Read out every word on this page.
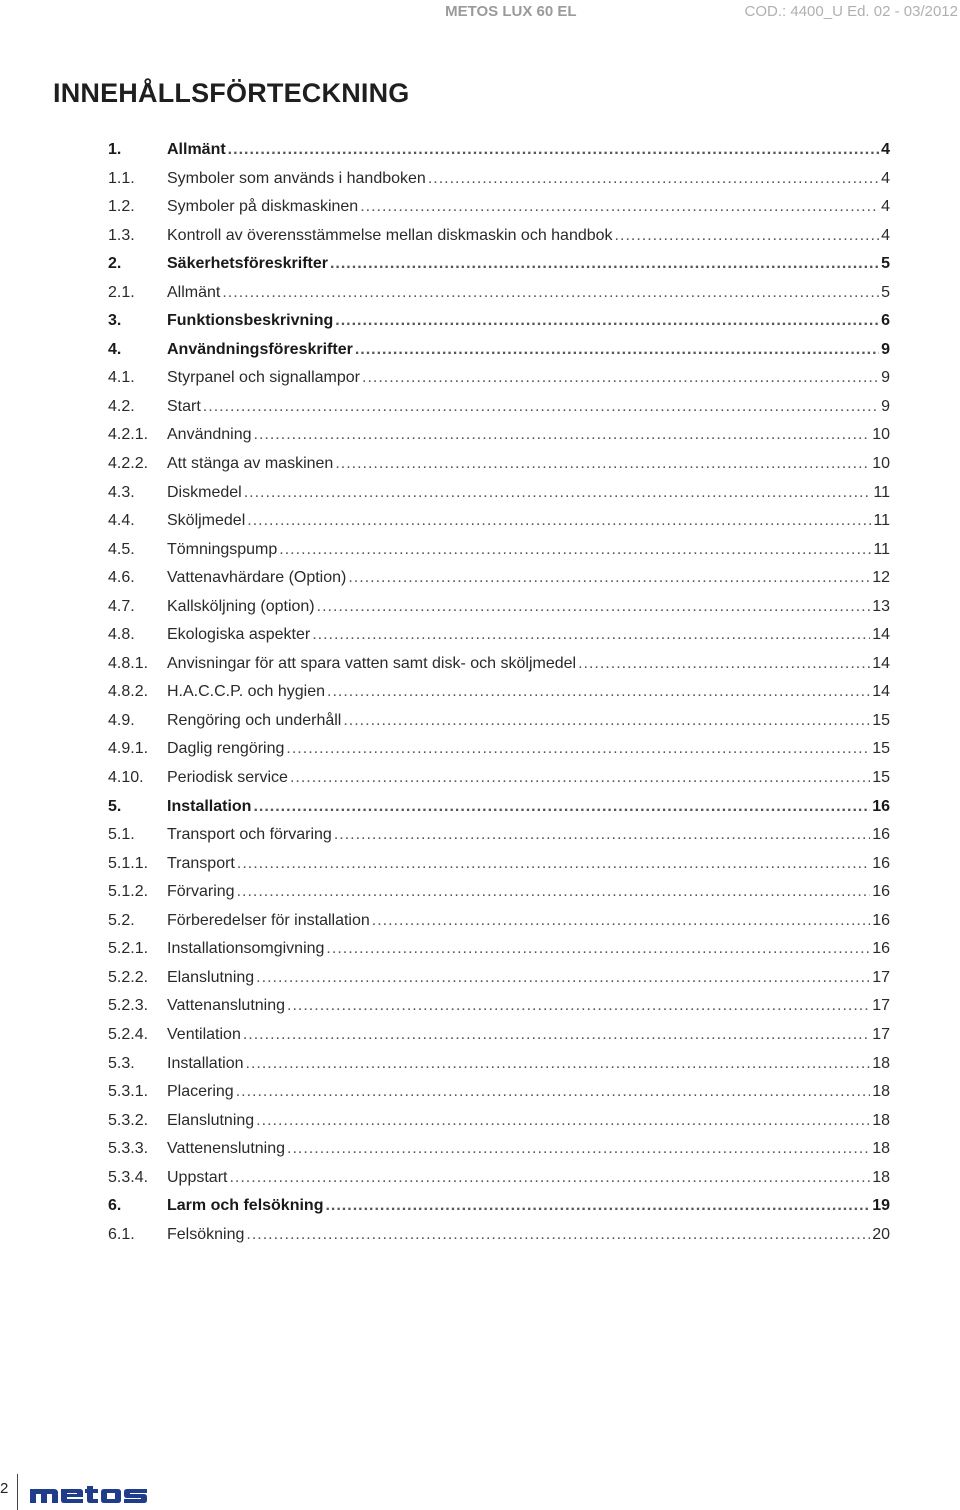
METOS LUX 60 EL	COD.: 4400_U Ed. 02 - 03/2012
INNEHÅLLSFÖRTECKNING
1.	Allmänt .....	4
1.1.	Symboler som används i handboken .....	4
1.2.	Symboler på diskmaskinen .....	4
1.3.	Kontroll av överensstämmelse mellan diskmaskin och handbok .....	4
2.	Säkerhetsföreskrifter .....	5
2.1.	Allmänt .....	5
3.	Funktionsbeskrivning .....	6
4.	Användningsföreskrifter .....	9
4.1.	Styrpanel och signallampor .....	9
4.2.	Start .....	9
4.2.1.	Användning .....	10
4.2.2.	Att stänga av maskinen .....	10
4.3.	Diskmedel .....	11
4.4.	Sköljmedel .....	11
4.5.	Tömningspump .....	11
4.6.	Vattenavhärdare (Option) .....	12
4.7.	Kallsköljning (option) .....	13
4.8.	Ekologiska aspekter .....	14
4.8.1.	Anvisningar för att spara vatten samt disk- och sköljmedel .....	14
4.8.2.	H.A.C.C.P. och hygien .....	14
4.9.	Rengöring och underhåll .....	15
4.9.1.	Daglig rengöring .....	15
4.10.	Periodisk service .....	15
5.	Installation .....	16
5.1.	Transport och förvaring .....	16
5.1.1.	Transport .....	16
5.1.2.	Förvaring .....	16
5.2.	Förberedelser för installation .....	16
5.2.1.	Installationsomgivning .....	16
5.2.2.	Elanslutning .....	17
5.2.3.	Vattenanslutning .....	17
5.2.4.	Ventilation .....	17
5.3.	Installation .....	18
5.3.1.	Placering .....	18
5.3.2.	Elanslutning .....	18
5.3.3.	Vattenenslutning .....	18
5.3.4.	Uppstart .....	18
6.	Larm och felsökning .....	19
6.1.	Felsökning .....	20
2
